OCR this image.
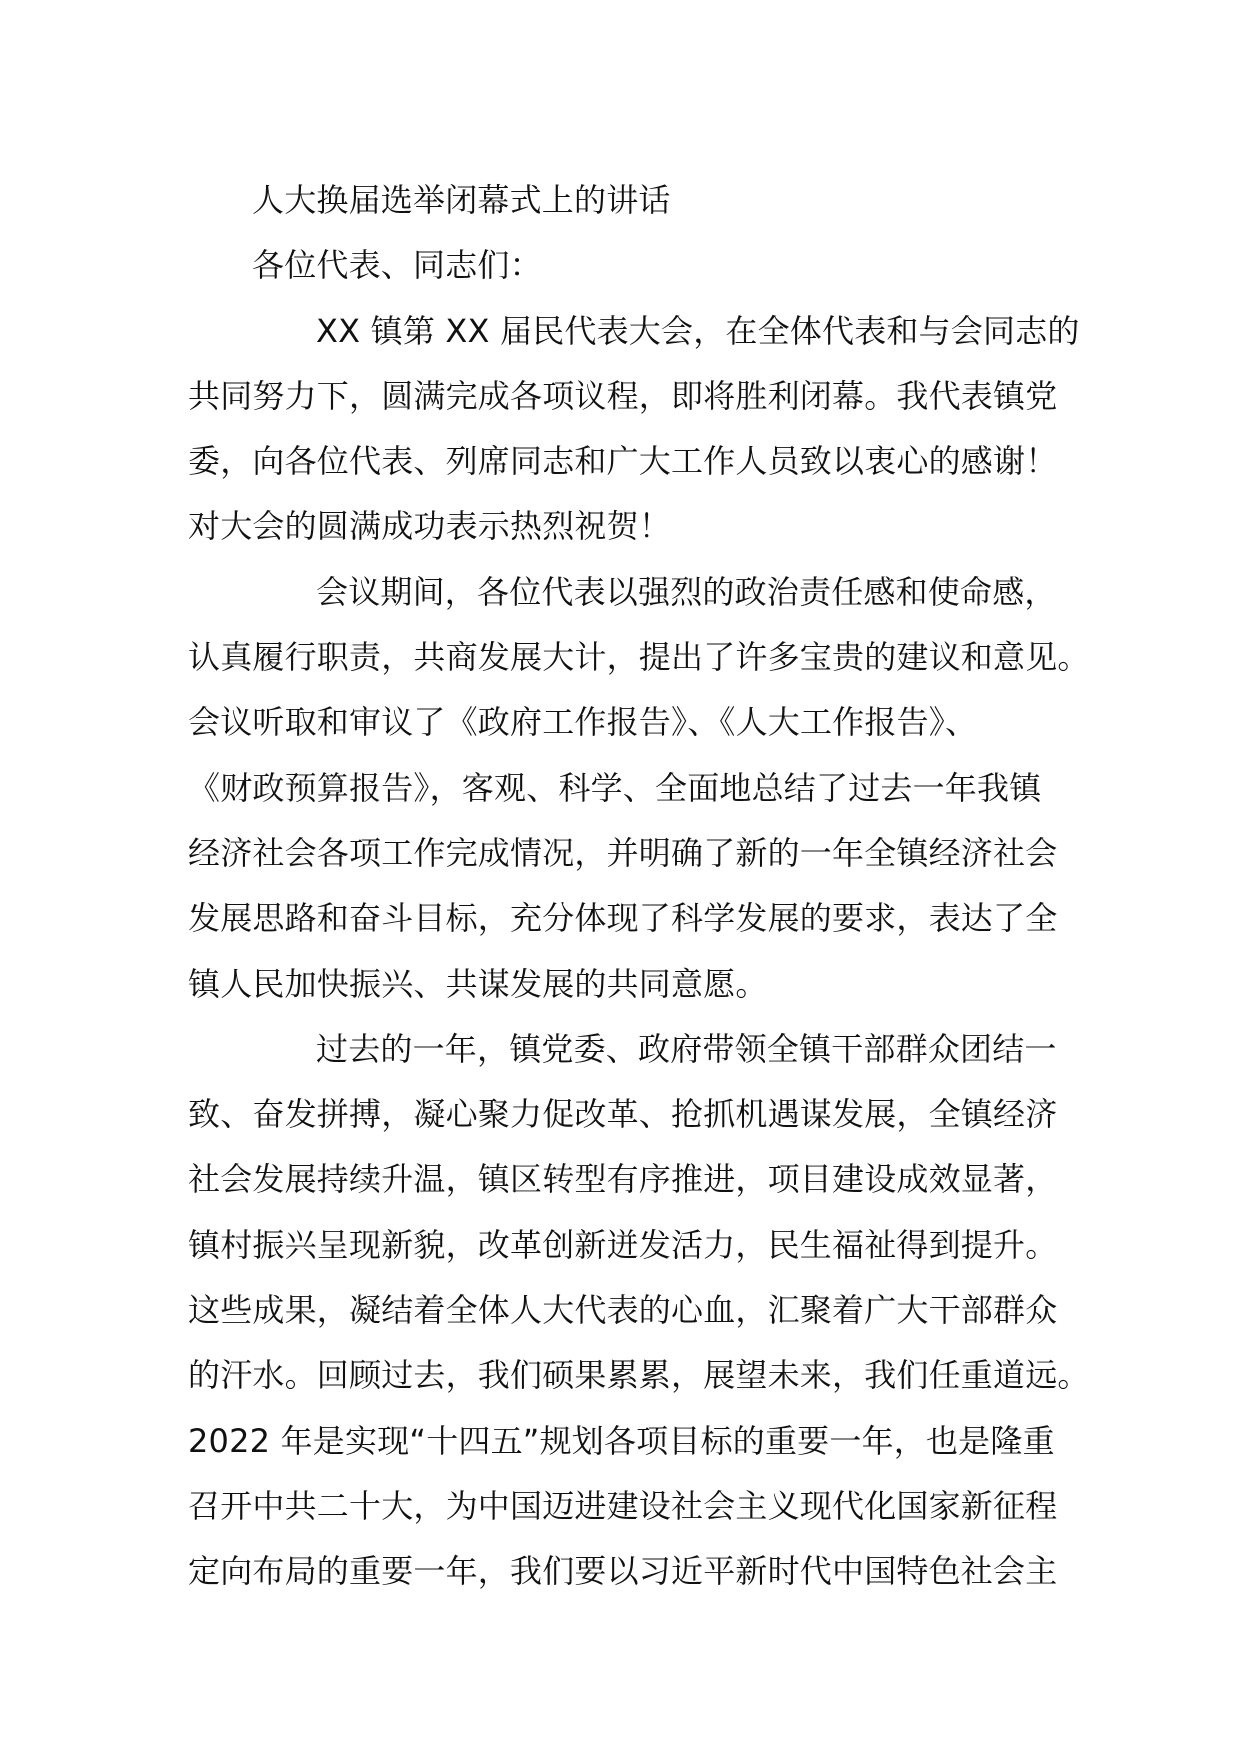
人大换届选举闭幕式上的讲话
各位代表、同志们：
XX 镇第 XX 届民代表大会，在全体代表和与会同志的
共同努力下，圆满完成各项议程，即将胜利闭幕。我代表镇党
委，向各位代表、列席同志和广大工作人员致以衷心的感谢！
对大会的圆满成功表示热烈祝贺！
会议期间，各位代表以强烈的政治责任感和使命感，
认真履行职责，共商发展大计，提出了许多宝贵的建议和意见。
会议听取和审议了《政府工作报告》、《人大工作报告》、
《财政预算报告》，客观、科学、全面地总结了过去一年我镇
经济社会各项工作完成情况，并明确了新的一年全镇经济社会
发展思路和奋斗目标，充分体现了科学发展的要求，表达了全
镇人民加快振兴、共谋发展的共同意愿。
过去的一年，镇党委、政府带领全镇干部群众团结一
致、奋发拼搏，凝心聚力促改革、抢抓机遇谋发展，全镇经济
社会发展持续升温，镇区转型有序推进，项目建设成效显著，
镇村振兴呈现新貌，改革创新迸发活力，民生福祉得到提升。
这些成果，凝结着全体人大代表的心血，汇聚着广大干部群众
的汗水。回顾过去，我们硕果累累，展望未来，我们任重道远。
2022 年是实现“十四五”规划各项目标的重要一年，也是隆重
召开中共二十大，为中国迈进建设社会主义现代化国家新征程
定向布局的重要一年，我们要以习近平新时代中国特色社会主
